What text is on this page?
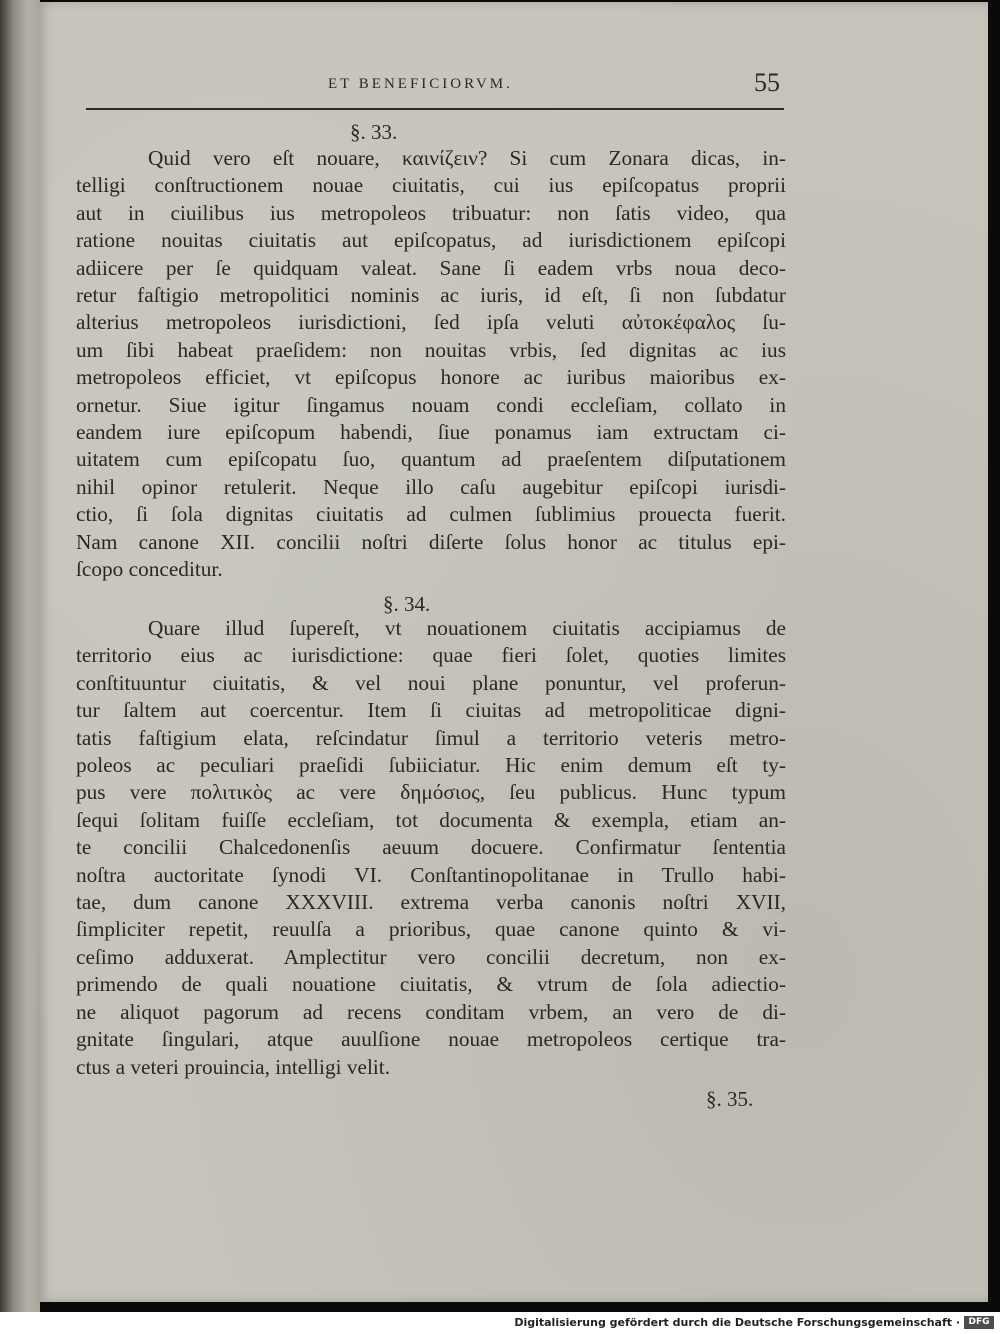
ET BENEFICIORVM.	55
§. 33.
Quid vero eſt nouare, καινίζειν? Si cum Zonara dicas, in-
telligi conſtructionem nouae ciuitatis, cui ius epiſcopatus proprii
aut in ciuilibus ius metropoleos tribuatur: non ſatis video, qua
ratione nouitas ciuitatis aut epiſcopatus, ad iurisdictionem epiſcopi
adiicere per ſe quidquam valeat. Sane ſi eadem vrbs noua deco-
retur faſtigio metropolitici nominis ac iuris, id eſt, ſi non ſubdatur
alterius metropoleos iurisdictioni, ſed ipſa veluti αὐτοκέφαλος ſu-
um ſibi habeat praeſidem: non nouitas vrbis, ſed dignitas ac ius
metropoleos efficiet, vt epiſcopus honore ac iuribus maioribus ex-
ornetur. Siue igitur ſingamus nouam condi eccleſiam, collato in
eandem iure epiſcopum habendi, ſiue ponamus iam extructam ci-
uitatem cum epiſcopatu ſuo, quantum ad praeſentem diſputationem
nihil opinor retulerit. Neque illo caſu augebitur epiſcopi iurisdi-
ctio, ſi ſola dignitas ciuitatis ad culmen ſublimius prouecta fuerit.
Nam canone XII. concilii noſtri diſerte ſolus honor ac titulus epi-
ſcopo conceditur.
§. 34.
Quare illud ſupereſt, vt nouationem ciuitatis accipiamus de
territorio eius ac iurisdictione: quae fieri ſolet, quoties limites
conſtituuntur ciuitatis, & vel noui plane ponuntur, vel proferun-
tur ſaltem aut coercentur. Item ſi ciuitas ad metropoliticae digni-
tatis faſtigium elata, reſcindatur ſimul a territorio veteris metro-
poleos ac peculiari praeſidi ſubiiciatur. Hic enim demum eſt ty-
pus vere πολιτικὸς ac vere δημόσιος, ſeu publicus. Hunc typum
ſequi ſolitam fuiſſe eccleſiam, tot documenta & exempla, etiam an-
te concilii Chalcedonenſis aeuum docuere. Confirmatur ſententia
noſtra auctoritate ſynodi VI. Conſtantinopolitanae in Trullo habi-
tae, dum canone XXXVIII. extrema verba canonis noſtri XVII,
ſimpliciter repetit, reuulſa a prioribus, quae canone quinto & vi-
ceſimo adduxerat. Amplectitur vero concilii decretum, non ex-
primendo de quali nouatione ciuitatis, & vtrum de ſola adiectio-
ne aliquot pagorum ad recens conditam vrbem, an vero de di-
gnitate ſingulari, atque auulſione nouae metropoleos certique tra-
ctus a veteri prouincia, intelligi velit.
§. 35.
Digitalisierung gefördert durch die Deutsche Forschungsgemeinschaft · DFG
